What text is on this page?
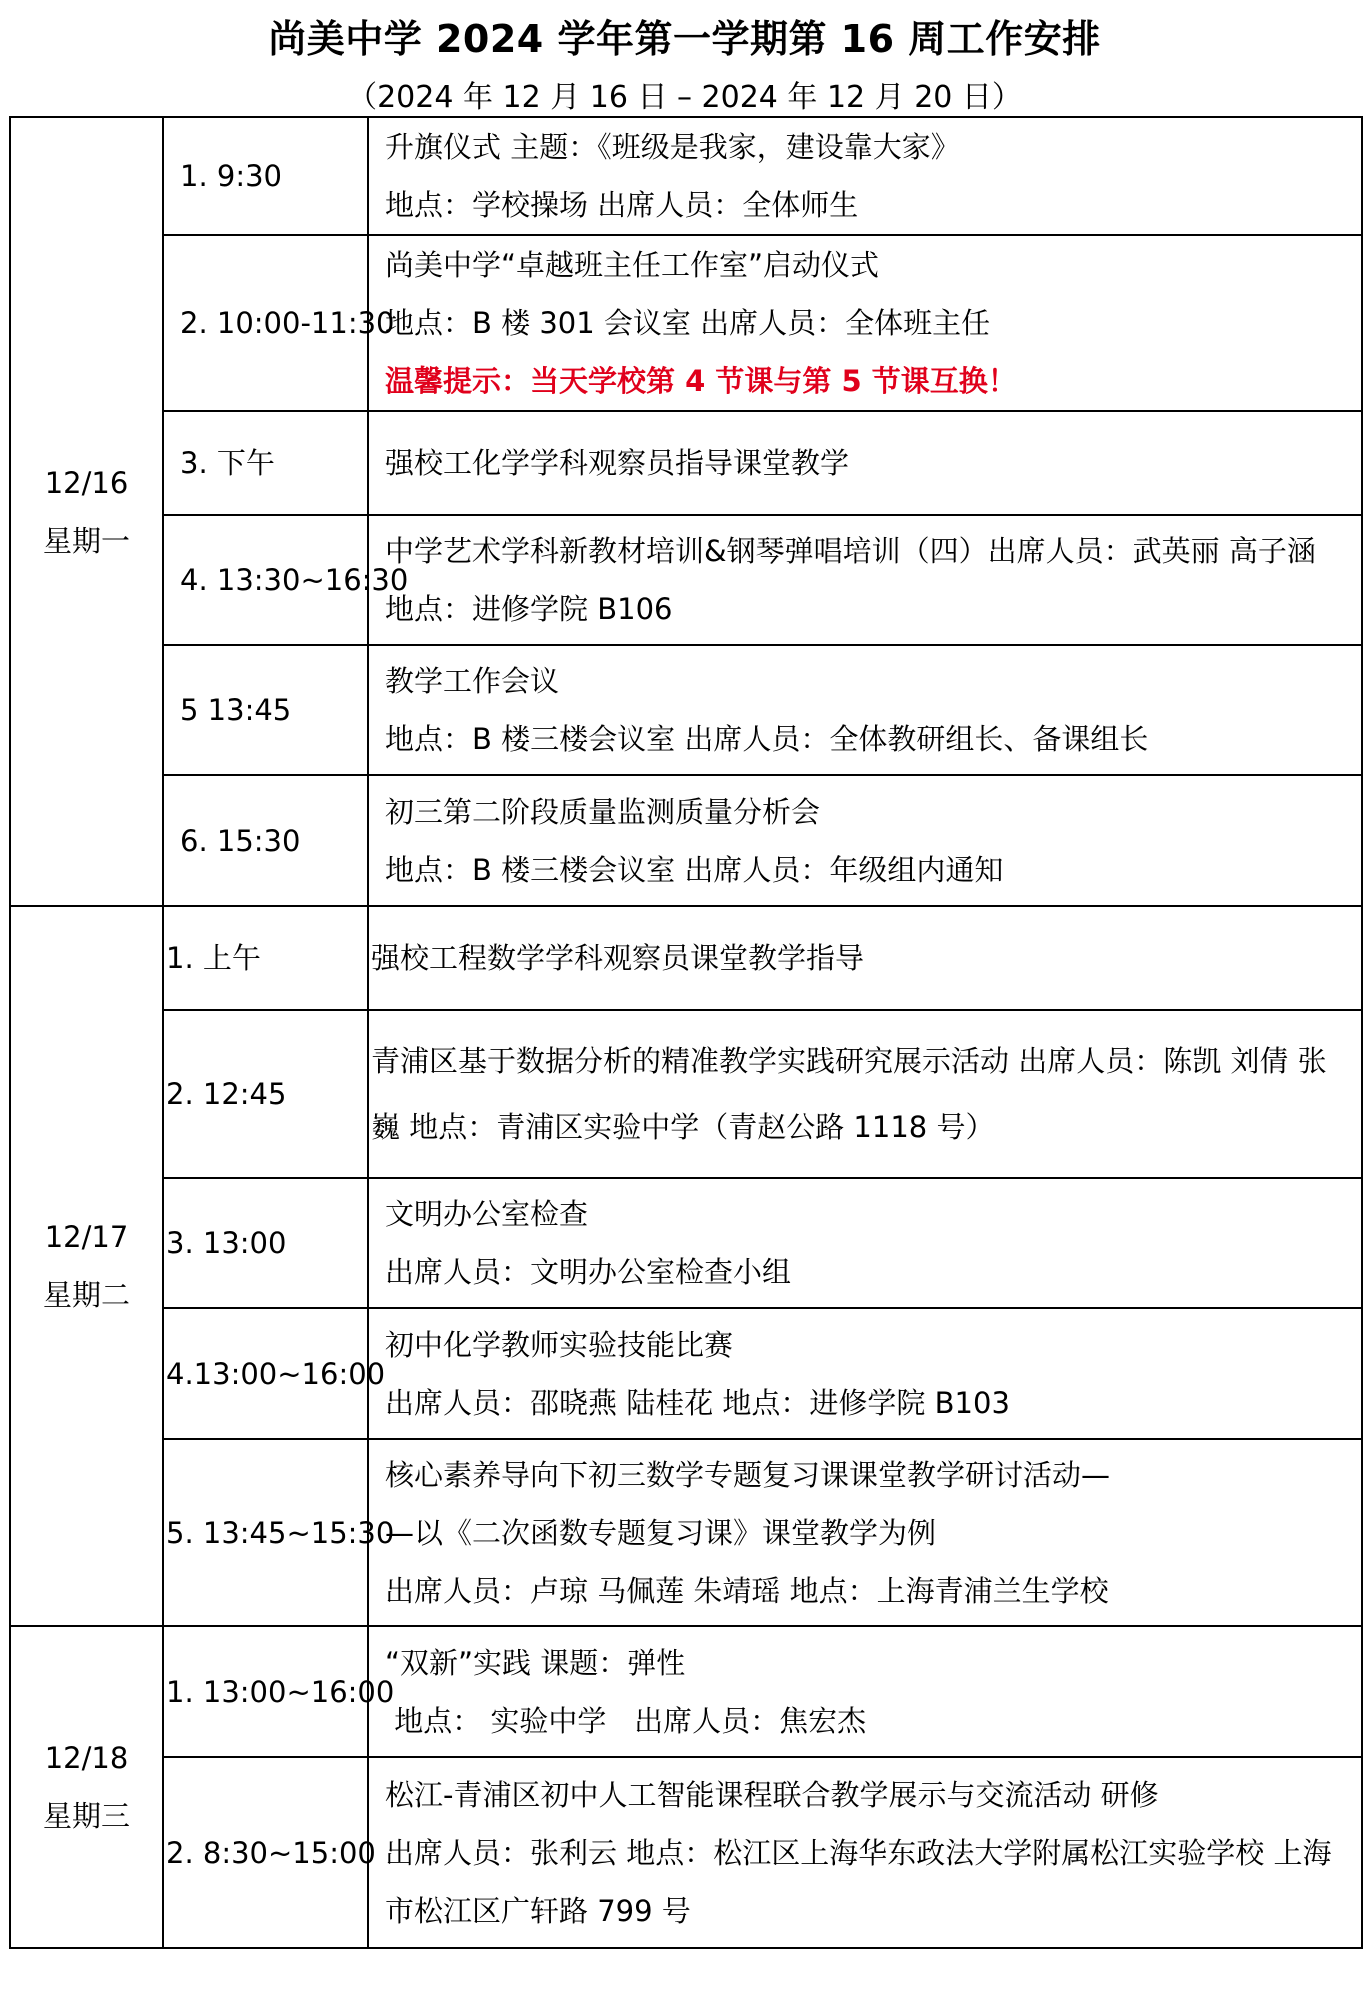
尚美中学 2024 学年第一学期第 16 周工作安排
（2024 年 12 月 16 日 – 2024 年 12 月 20 日）
12/16
星期一	1. 9:30	升旗仪式 主题：《班级是我家，建设靠大家》
地点：学校操场 出席人员：全体师生

	2. 10:00-11:30	尚美中学“卓越班主任工作室”启动仪式
地点：B 楼 301 会议室 出席人员：全体班主任
温馨提示：当天学校第 4 节课与第 5 节课互换！

	3. 下午	强校工化学学科观察员指导课堂教学

	4. 13:30~16:30	中学艺术学科新教材培训&钢琴弹唱培训（四）出席人员：武英丽 高子涵 地点：进修学院 B106

	5 13:45	教学工作会议
地点：B 楼三楼会议室 出席人员：全体教研组长、备课组长

	6. 15:30	初三第二阶段质量监测质量分析会
地点：B 楼三楼会议室 出席人员：年级组内通知

12/17
星期二	1. 上午	强校工程数学学科观察员课堂教学指导

	2. 12:45	青浦区基于数据分析的精准教学实践研究展示活动 出席人员：陈凯 刘倩 张巍 地点：青浦区实验中学（青赵公路 1118 号）

	3. 13:00	文明办公室检查
出席人员：文明办公室检查小组

	4.13:00~16:00	初中化学教师实验技能比赛
出席人员：邵晓燕 陆桂花 地点：进修学院 B103

	5. 13:45~15:30	核心素养导向下初三数学专题复习课课堂教学研讨活动—
—以《二次函数专题复习课》课堂教学为例
出席人员：卢琼 马佩莲 朱靖瑶 地点：上海青浦兰生学校

12/18
星期三	1. 13:00~16:00	“双新”实践 课题：弹性
地点： 实验中学   出席人员：焦宏杰

	2. 8:30~15:00	松江-青浦区初中人工智能课程联合教学展示与交流活动 研修
出席人员：张利云 地点：松江区上海华东政法大学附属松江实验学校 上海市松江区广轩路 799 号
